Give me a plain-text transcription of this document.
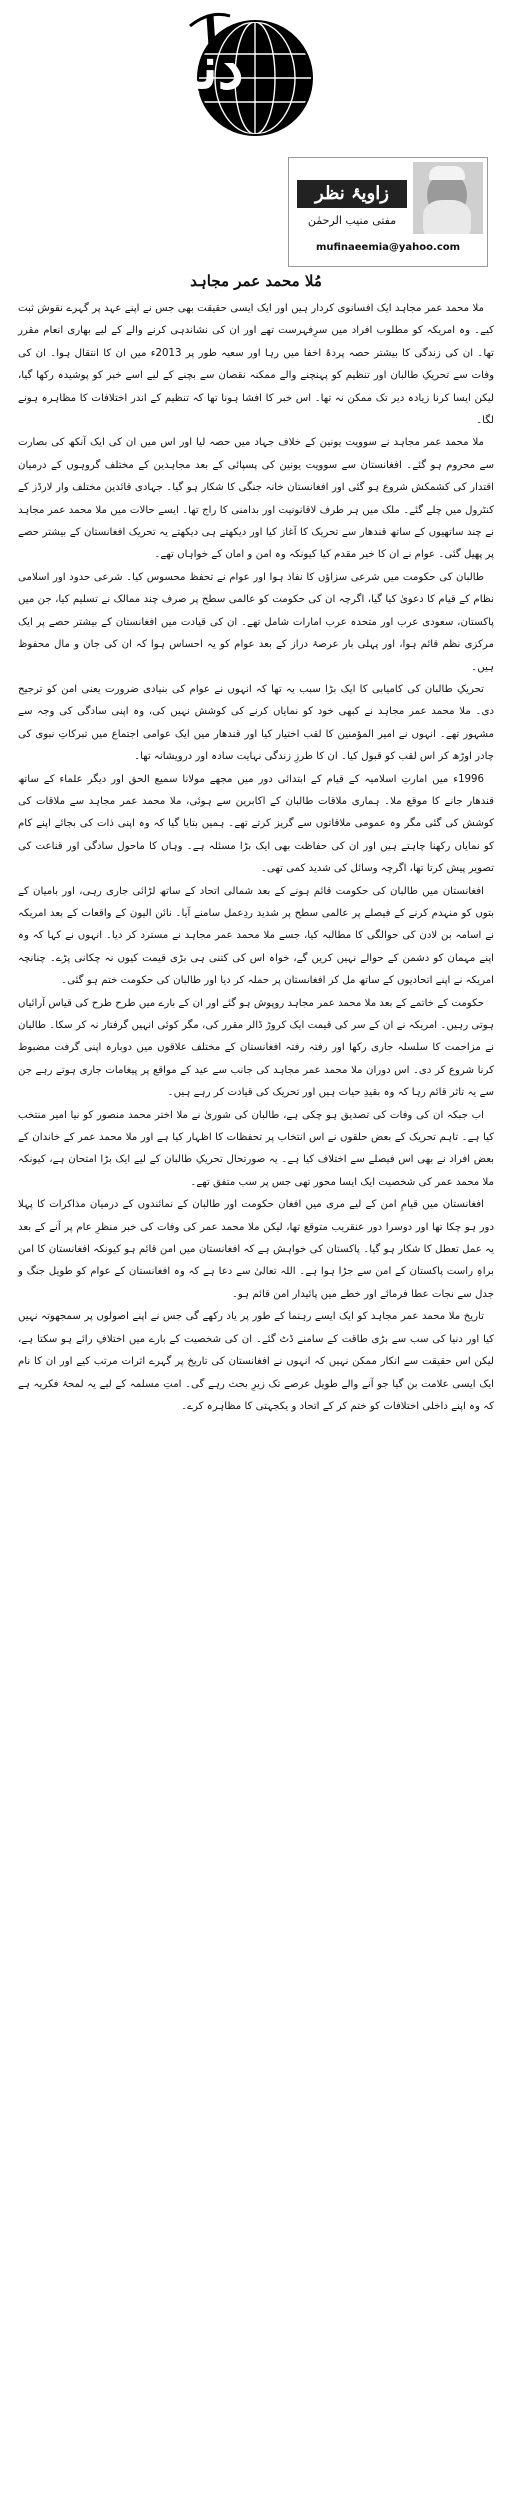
دنیا
زاویۂ نظر
مفتی منیب الرحمٰن
mufinaeemia@yahoo.com
مُلا محمد عمر مجاہد

ملا محمد عمر مجاہد ایک افسانوی کردار ہیں اور ایک ایسی حقیقت بھی جس نے اپنے عہد پر گہرے نقوش ثبت کیے۔ وہ امریکہ کو مطلوب افراد میں سرِفہرست تھے اور ان کی نشاندہی کرنے والے کے لیے بھاری انعام مقرر تھا۔ ان کی زندگی کا بیشتر حصہ پردۂ اخفا میں رہا اور سعیہ طور پر 2013ء میں ان کا انتقال ہوا۔ ان کی وفات سے تحریکِ طالبان اور تنظیم کو پہنچنے والے ممکنہ نقصان سے بچنے کے لیے اسے خبر کو پوشیدہ رکھا گیا، لیکن ایسا کرنا زیادہ دیر تک ممکن نہ تھا۔ اس خبر کا افشا ہونا تھا کہ تنظیم کے اندر اختلافات کا مظاہرہ ہونے لگا۔

ملا محمد عمر مجاہد نے سوویت یونین کے خلاف جہاد میں حصہ لیا اور اس میں ان کی ایک آنکھ کی بصارت سے محروم ہو گئے۔ افغانستان سے سوویت یونین کی پسپائی کے بعد مجاہدین کے مختلف گروہوں کے درمیان اقتدار کی کشمکش شروع ہو گئی اور افغانستان خانہ جنگی کا شکار ہو گیا۔ جہادی قائدین مختلف وار لارڈز کے کنٹرول میں چلے گئے۔ ملک میں ہر طرف لاقانونیت اور بدامنی کا راج تھا۔ ایسے حالات میں ملا محمد عمر مجاہد نے چند ساتھیوں کے ساتھ قندھار سے تحریک کا آغاز کیا اور دیکھتے ہی دیکھتے یہ تحریک افغانستان کے بیشتر حصے پر پھیل گئی۔ عوام نے ان کا خیر مقدم کیا کیونکہ وہ امن و امان کے خواہاں تھے۔

طالبان کی حکومت میں شرعی سزاؤں کا نفاذ ہوا اور عوام نے تحفظ محسوس کیا۔ شرعی حدود اور اسلامی نظام کے قیام کا دعویٰ کیا گیا، اگرچہ ان کی حکومت کو عالمی سطح پر صرف چند ممالک نے تسلیم کیا، جن میں پاکستان، سعودی عرب اور متحدہ عرب امارات شامل تھے۔ ان کی قیادت میں افغانستان کے بیشتر حصے پر ایک مرکزی نظم قائم ہوا، اور پہلی بار عرصۂ دراز کے بعد عوام کو یہ احساس ہوا کہ ان کی جان و مال محفوظ ہیں۔

تحریکِ طالبان کی کامیابی کا ایک بڑا سبب یہ تھا کہ انہوں نے عوام کی بنیادی ضرورت یعنی امن کو ترجیح دی۔ ملا محمد عمر مجاہد نے کبھی خود کو نمایاں کرنے کی کوشش نہیں کی، وہ اپنی سادگی کی وجہ سے مشہور تھے۔ انہوں نے امیر المؤمنین کا لقب اختیار کیا اور قندھار میں ایک عوامی اجتماع میں تبرکاتِ نبوی کی چادر اوڑھ کر اس لقب کو قبول کیا۔ ان کا طرزِ زندگی نہایت سادہ اور درویشانہ تھا۔

1996ء میں امارتِ اسلامیہ کے قیام کے ابتدائی دور میں مجھے مولانا سمیع الحق اور دیگر علماء کے ساتھ قندھار جانے کا موقع ملا۔ ہماری ملاقات طالبان کے اکابرین سے ہوئی، ملا محمد عمر مجاہد سے ملاقات کی کوشش کی گئی مگر وہ عمومی ملاقاتوں سے گریز کرتے تھے۔ ہمیں بتایا گیا کہ وہ اپنی ذات کی بجائے اپنے کام کو نمایاں رکھنا چاہتے ہیں اور ان کی حفاظت بھی ایک بڑا مسئلہ ہے۔ وہاں کا ماحول سادگی اور قناعت کی تصویر پیش کرتا تھا، اگرچہ وسائل کی شدید کمی تھی۔

افغانستان میں طالبان کی حکومت قائم ہونے کے بعد شمالی اتحاد کے ساتھ لڑائی جاری رہی، اور بامیان کے بتوں کو منہدم کرنے کے فیصلے پر عالمی سطح پر شدید ردِعمل سامنے آیا۔ نائن الیون کے واقعات کے بعد امریکہ نے اسامہ بن لادن کی حوالگی کا مطالبہ کیا، جسے ملا محمد عمر مجاہد نے مسترد کر دیا۔ انہوں نے کہا کہ وہ اپنے مہمان کو دشمن کے حوالے نہیں کریں گے، خواہ اس کی کتنی ہی بڑی قیمت کیوں نہ چکانی پڑے۔ چنانچہ امریکہ نے اپنے اتحادیوں کے ساتھ مل کر افغانستان پر حملہ کر دیا اور طالبان کی حکومت ختم ہو گئی۔

حکومت کے خاتمے کے بعد ملا محمد عمر مجاہد روپوش ہو گئے اور ان کے بارے میں طرح طرح کی قیاس آرائیاں ہوتی رہیں۔ امریکہ نے ان کے سر کی قیمت ایک کروڑ ڈالر مقرر کی، مگر کوئی انہیں گرفتار نہ کر سکا۔ طالبان نے مزاحمت کا سلسلہ جاری رکھا اور رفتہ رفتہ افغانستان کے مختلف علاقوں میں دوبارہ اپنی گرفت مضبوط کرنا شروع کر دی۔ اس دوران ملا محمد عمر مجاہد کی جانب سے عید کے مواقع پر پیغامات جاری ہوتے رہے جن سے یہ تاثر قائم رہا کہ وہ بقیدِ حیات ہیں اور تحریک کی قیادت کر رہے ہیں۔

اب جبکہ ان کی وفات کی تصدیق ہو چکی ہے، طالبان کی شوریٰ نے ملا اختر محمد منصور کو نیا امیر منتخب کیا ہے۔ تاہم تحریک کے بعض حلقوں نے اس انتخاب پر تحفظات کا اظہار کیا ہے اور ملا محمد عمر کے خاندان کے بعض افراد نے بھی اس فیصلے سے اختلاف کیا ہے۔ یہ صورتحال تحریکِ طالبان کے لیے ایک بڑا امتحان ہے، کیونکہ ملا محمد عمر کی شخصیت ایک ایسا محور تھی جس پر سب متفق تھے۔

افغانستان میں قیامِ امن کے لیے مری میں افغان حکومت اور طالبان کے نمائندوں کے درمیان مذاکرات کا پہلا دور ہو چکا تھا اور دوسرا دور عنقریب متوقع تھا، لیکن ملا محمد عمر کی وفات کی خبر منظرِ عام پر آنے کے بعد یہ عمل تعطل کا شکار ہو گیا۔ پاکستان کی خواہش ہے کہ افغانستان میں امن قائم ہو کیونکہ افغانستان کا امن براہِ راست پاکستان کے امن سے جڑا ہوا ہے۔ اللہ تعالیٰ سے دعا ہے کہ وہ افغانستان کے عوام کو طویل جنگ و جدل سے نجات عطا فرمائے اور خطے میں پائیدار امن قائم ہو۔

تاریخ ملا محمد عمر مجاہد کو ایک ایسے رہنما کے طور پر یاد رکھے گی جس نے اپنے اصولوں پر سمجھوتہ نہیں کیا اور دنیا کی سب سے بڑی طاقت کے سامنے ڈٹ گئے۔ ان کی شخصیت کے بارے میں اختلافِ رائے ہو سکتا ہے، لیکن اس حقیقت سے انکار ممکن نہیں کہ انہوں نے افغانستان کی تاریخ پر گہرے اثرات مرتب کیے اور ان کا نام ایک ایسی علامت بن گیا جو آنے والے طویل عرصے تک زیرِ بحث رہے گی۔ امتِ مسلمہ کے لیے یہ لمحۂ فکریہ ہے کہ وہ اپنے داخلی اختلافات کو ختم کر کے اتحاد و یکجہتی کا مظاہرہ کرے۔
